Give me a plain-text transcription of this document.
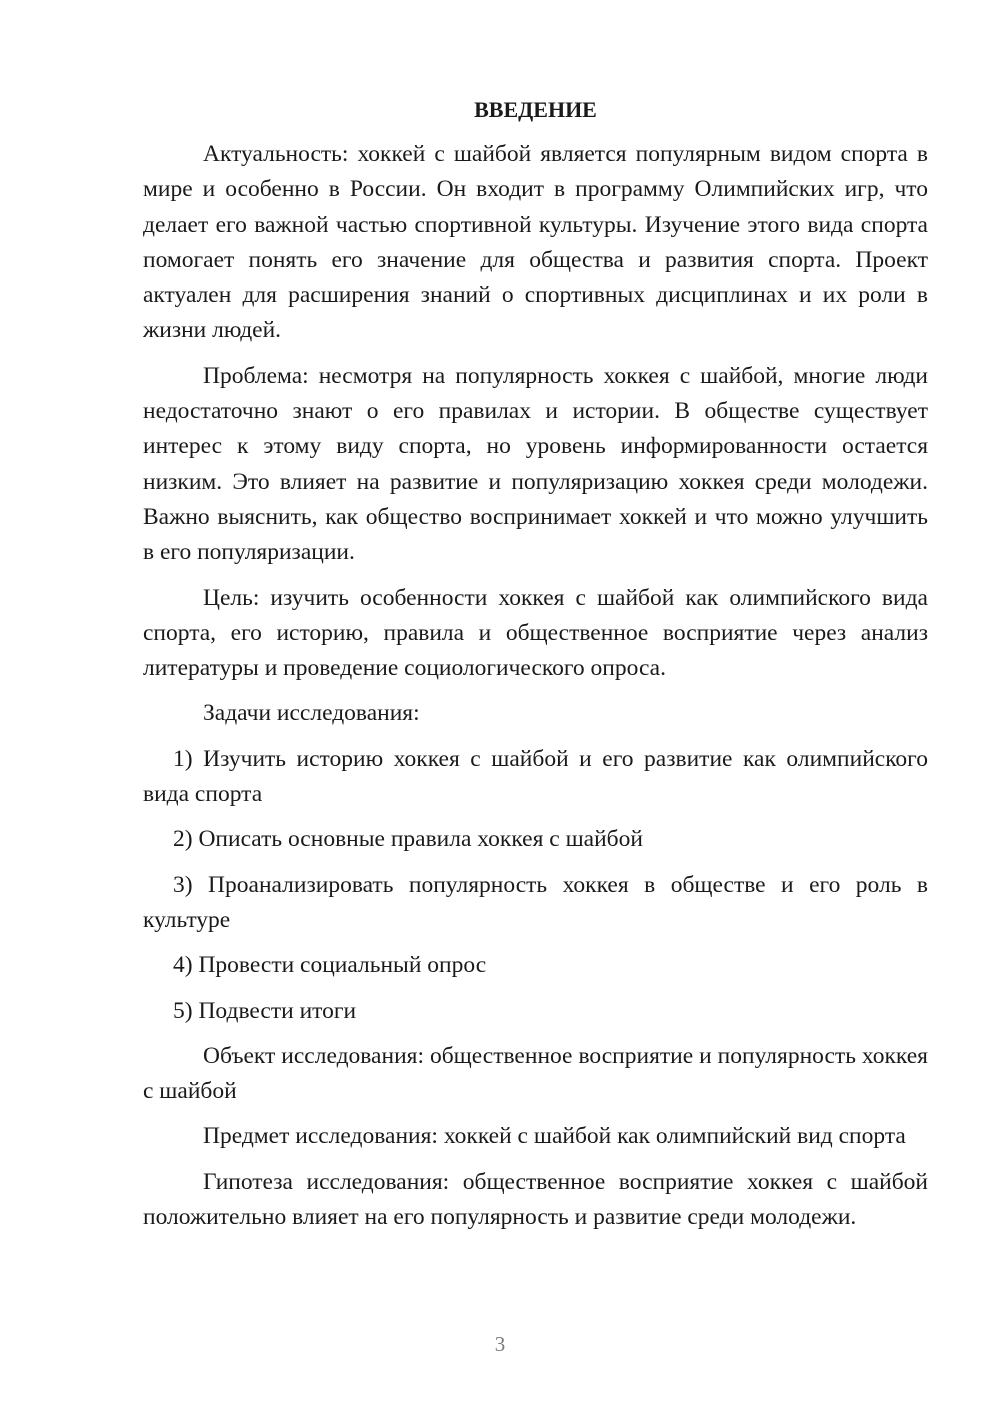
ВВЕДЕНИЕ

Актуальность: хоккей с шайбой является популярным видом спорта в мире и особенно в России. Он входит в программу Олимпийских игр, что делает его важной частью спортивной культуры. Изучение этого вида спорта помогает понять его значение для общества и развития спорта. Проект актуален для расширения знаний о спортивных дисциплинах и их роли в жизни людей.

Проблема: несмотря на популярность хоккея с шайбой, многие люди недостаточно знают о его правилах и истории. В обществе существует интерес к этому виду спорта, но уровень информированности остается низким. Это влияет на развитие и популяризацию хоккея среди молодежи. Важно выяснить, как общество воспринимает хоккей и что можно улучшить в его популяризации.

Цель: изучить особенности хоккея с шайбой как олимпийского вида спорта, его историю, правила и общественное восприятие через анализ литературы и проведение социологического опроса.

Задачи исследования:

1) Изучить историю хоккея с шайбой и его развитие как олимпийского вида спорта

2) Описать основные правила хоккея с шайбой

3) Проанализировать популярность хоккея в обществе и его роль в культуре

4) Провести социальный опрос

5) Подвести итоги

Объект исследования: общественное восприятие и популярность хоккея с шайбой

Предмет исследования: хоккей с шайбой как олимпийский вид спорта

Гипотеза исследования: общественное восприятие хоккея с шайбой положительно влияет на его популярность и развитие среди молодежи.

3
